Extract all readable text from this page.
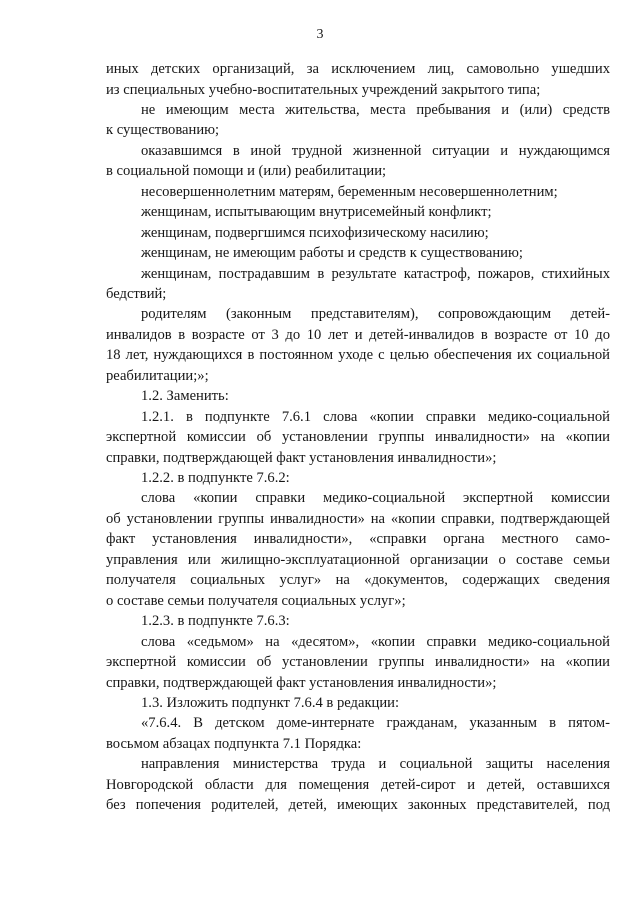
3
иных детских организаций, за исключением лиц, самовольно ушедших
из специальных учебно-воспитательных учреждений закрытого типа;
не имеющим места жительства, места пребывания и (или) средств
к существованию;
оказавшимся в иной трудной жизненной ситуации и нуждающимся
в социальной помощи и (или) реабилитации;
несовершеннолетним матерям, беременным несовершеннолетним;
женщинам, испытывающим внутрисемейный конфликт;
женщинам, подвергшимся психофизическому насилию;
женщинам, не имеющим работы и средств к существованию;
женщинам, пострадавшим в результате катастроф, пожаров, стихийных
бедствий;
родителям (законным представителям), сопровождающим детей-
инвалидов в возрасте от 3 до 10 лет и детей-инвалидов в возрасте от 10 до
18 лет, нуждающихся в постоянном уходе с целью обеспечения их социальной
реабилитации;»;
1.2. Заменить:
1.2.1. в подпункте 7.6.1 слова «копии справки медико-социальной
экспертной комиссии об установлении группы инвалидности» на «копии
справки, подтверждающей факт установления инвалидности»;
1.2.2. в подпункте 7.6.2:
слова «копии справки медико-социальной экспертной комиссии
об установлении группы инвалидности» на «копии справки, подтверждающей
факт установления инвалидности», «справки органа местного само-
управления или жилищно-эксплуатационной организации о составе семьи
получателя социальных услуг» на «документов, содержащих сведения
о составе семьи получателя социальных услуг»;
1.2.3. в подпункте 7.6.3:
слова «седьмом» на «десятом», «копии справки медико-социальной
экспертной комиссии об установлении группы инвалидности» на «копии
справки, подтверждающей факт установления инвалидности»;
1.3. Изложить подпункт 7.6.4 в редакции:
«7.6.4. В детском доме-интернате гражданам, указанным в пятом-
восьмом абзацах подпункта 7.1 Порядка:
направления министерства труда и социальной защиты населения
Новгородской области для помещения детей-сирот и детей, оставшихся
без попечения родителей, детей, имеющих законных представителей, под
